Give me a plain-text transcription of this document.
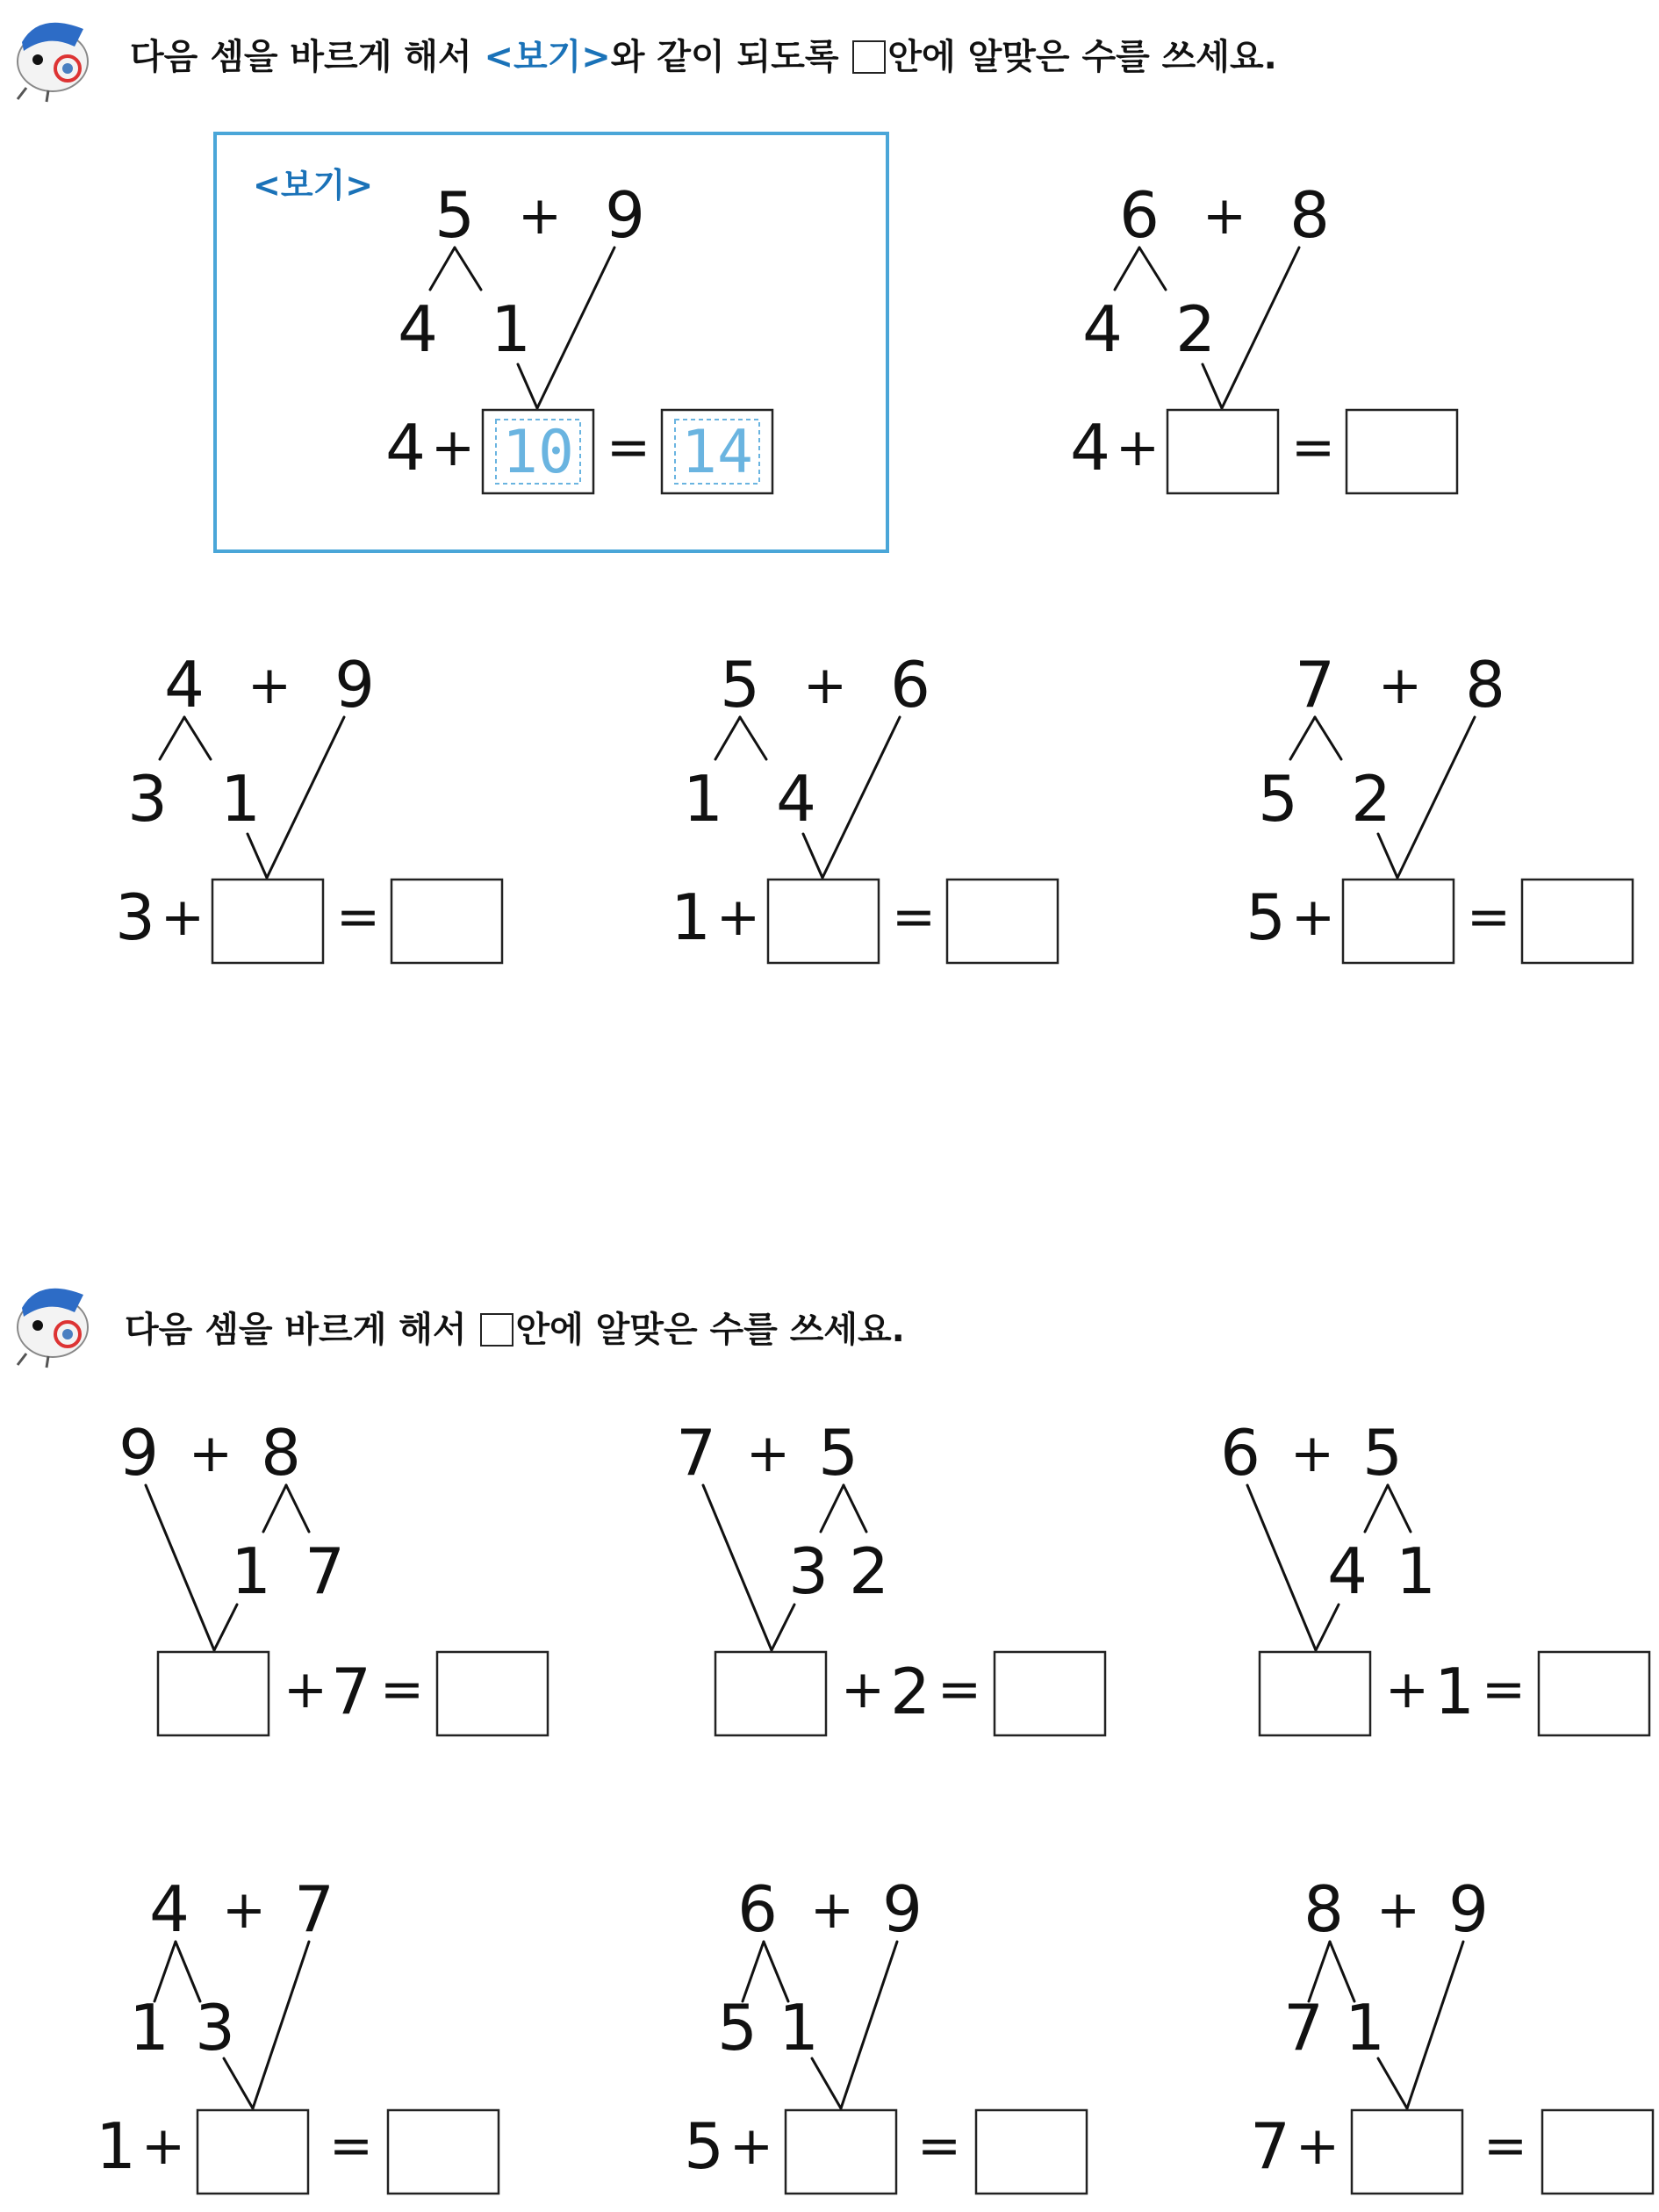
다음 셈을 바르게 해서 <보기>와 같이 되도록 안에 알맞은 수를 쓰세요.
<보기> 5 + 9
4 1
4 + 10 = 14
6 + 8
4 2
4 + =
4 + 9
3 1
3 + =
5 + 6
1 4
1 + =
7 + 8
5 2
5 + =
다음 셈을 바르게 해서 안에 알맞은 수를 쓰세요.
9 + 8
1 7
+ 7 =
7 + 5
3 2
+ 2 =
6 + 5
4 1
+ 1 =
4 + 7
1 3
1 +	=
6 + 9
5 1
5 +	=
8 + 9
7 1
7 +	=
